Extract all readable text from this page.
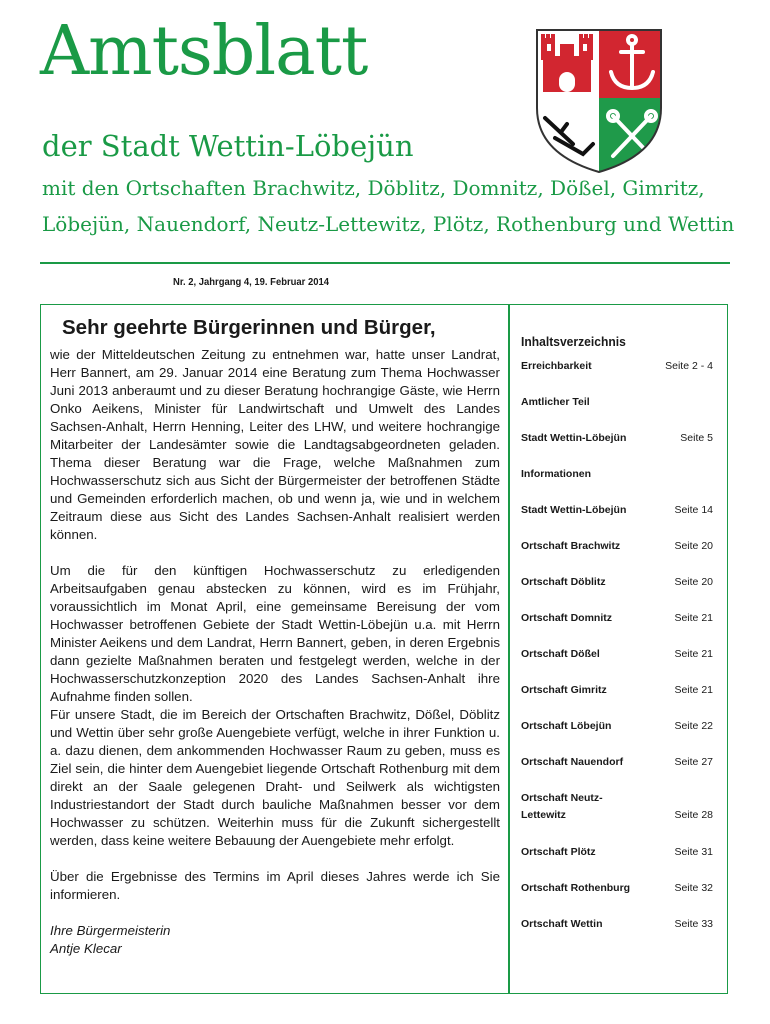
Amtsblatt
der Stadt Wettin-Löbejün
mit den Ortschaften Brachwitz, Döblitz, Domnitz, Dößel, Gimritz,
Löbejün, Nauendorf, Neutz-Lettewitz, Plötz, Rothenburg und Wettin
Nr. 2, Jahrgang 4, 19. Februar 2014
Sehr geehrte Bürgerinnen und Bürger,

wie der Mitteldeutschen Zeitung zu entnehmen war, hatte unser Landrat, Herr Bannert, am 29. Januar 2014 eine Beratung zum Thema Hochwasser Juni 2013 anberaumt und zu dieser Beratung hochrangige Gäste, wie Herrn Onko Aeikens, Minister für Landwirtschaft und Umwelt des Landes Sachsen-Anhalt, Herrn Henning, Leiter des LHW, und weitere hochrangige Mitarbeiter der Landesämter sowie die Landtagsabgeordneten geladen. Thema dieser Beratung war die Frage, welche Maßnahmen zum Hochwasserschutz sich aus Sicht der Bürgermeister der betroffenen Städte und Gemeinden erforderlich machen, ob und wenn ja, wie und in welchem Zeitraum diese aus Sicht des Landes Sachsen-Anhalt realisiert werden können.

Um die für den künftigen Hochwasserschutz zu erledigenden Arbeitsaufgaben genau abstecken zu können, wird es im Frühjahr, voraussichtlich im Monat April, eine gemeinsame Bereisung der vom Hochwasser betroffenen Gebiete der Stadt Wettin-Löbejün u.a. mit Herrn Minister Aeikens und dem Landrat, Herrn Bannert, geben, in deren Ergebnis dann gezielte Maßnahmen beraten und festgelegt werden, welche in der Hochwasserschutzkonzeption 2020 des Landes Sachsen-Anhalt ihre Aufnahme finden sollen.

Für unsere Stadt, die im Bereich der Ortschaften Brachwitz, Dößel, Döblitz und Wettin über sehr große Auengebiete verfügt, welche in ihrer Funktion u. a. dazu dienen, dem ankommenden Hochwasser Raum zu geben, muss es Ziel sein, die hinter dem Auengebiet liegende Ortschaft Rothenburg mit dem direkt an der Saale gelegenen Draht- und Seilwerk als wichtigsten Industriestandort der Stadt durch bauliche Maßnahmen besser vor dem Hochwasser zu schützen. Weiterhin muss für die Zukunft sichergestellt werden, dass keine weitere Bebauung der Auengebiete mehr erfolgt.

Über die Ergebnisse des Termins im April dieses Jahres werde ich Sie informieren.

Ihre Bürgermeisterin
Antje Klecar
Inhaltsverzeichnis
Erreichbarkeit	Seite 2 - 4
Amtlicher Teil
Stadt Wettin-Löbejün	Seite 5
Informationen
Stadt Wettin-Löbejün	Seite 14
Ortschaft Brachwitz	Seite 20
Ortschaft Döblitz	Seite 20
Ortschaft Domnitz	Seite 21
Ortschaft Dößel	Seite 21
Ortschaft Gimritz	Seite 21
Ortschaft Löbejün	Seite 22
Ortschaft Nauendorf	Seite 27
Ortschaft Neutz-Lettewitz	Seite 28
Ortschaft Plötz	Seite 31
Ortschaft Rothenburg	Seite 32
Ortschaft Wettin	Seite 33
